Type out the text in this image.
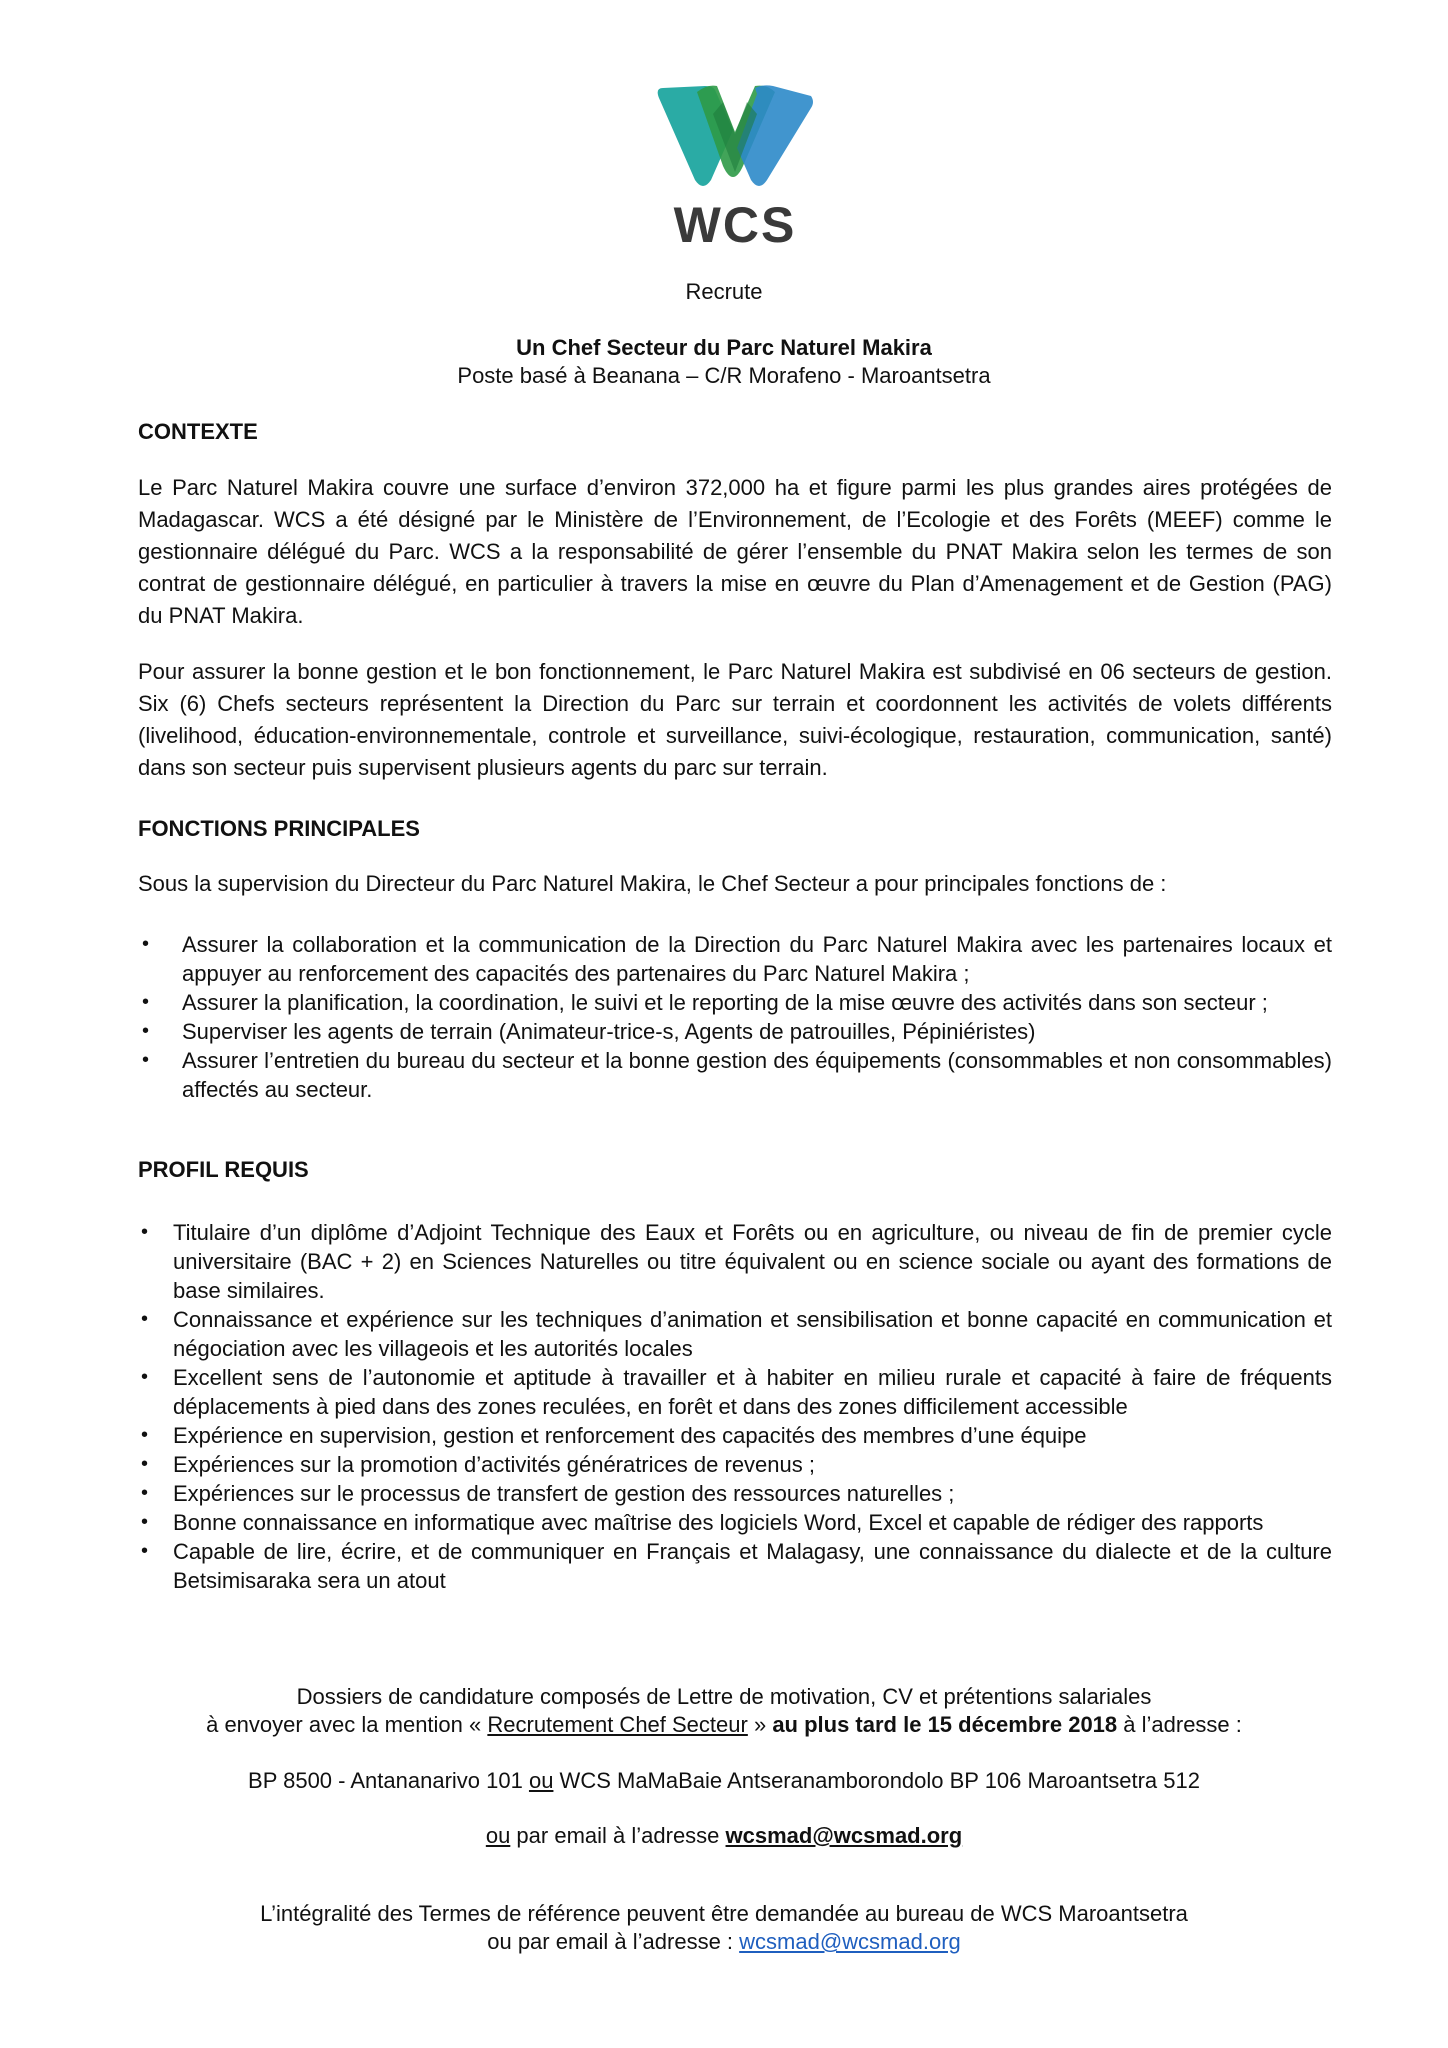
WCS
Recrute
Un Chef Secteur du Parc Naturel Makira
Poste basé à Beanana – C/R Morafeno - Maroantsetra
CONTEXTE

Le Parc Naturel Makira couvre une surface d’environ 372,000 ha et figure parmi les plus grandes aires protégées de Madagascar. WCS a été désigné par le Ministère de l’Environnement, de l’Ecologie et des Forêts (MEEF) comme le gestionnaire délégué du Parc. WCS a la responsabilité de gérer l’ensemble du PNAT Makira selon les termes de son contrat de gestionnaire délégué, en particulier à travers la mise en œuvre du Plan d’Amenagement et de Gestion (PAG) du PNAT Makira.

Pour assurer la bonne gestion et le bon fonctionnement, le Parc Naturel Makira est subdivisé en 06 secteurs de gestion. Six (6) Chefs secteurs représentent la Direction du Parc sur terrain et coordonnent les activités de volets différents (livelihood, éducation-environnementale, controle et surveillance, suivi-écologique, restauration, communication, santé) dans son secteur puis supervisent plusieurs agents du parc sur terrain.

FONCTIONS PRINCIPALES

Sous la supervision du Directeur du Parc Naturel Makira, le Chef Secteur a pour principales fonctions de :

• Assurer la collaboration et la communication de la Direction du Parc Naturel Makira avec les partenaires locaux et appuyer au renforcement des capacités des partenaires du Parc Naturel Makira ;
• Assurer la planification, la coordination, le suivi et le reporting de la mise œuvre des activités dans son secteur ;
• Superviser les agents de terrain (Animateur-trice-s, Agents de patrouilles, Pépiniéristes)
• Assurer l’entretien du bureau du secteur et la bonne gestion des équipements (consommables et non consommables) affectés au secteur.
PROFIL REQUIS
• Titulaire d’un diplôme d’Adjoint Technique des Eaux et Forêts ou en agriculture, ou niveau de fin de premier cycle universitaire (BAC + 2) en Sciences Naturelles ou titre équivalent ou en science sociale ou ayant des formations de base similaires.
• Connaissance et expérience sur les techniques d’animation et sensibilisation et bonne capacité en communication et négociation avec les villageois et les autorités locales
• Excellent sens de l’autonomie et aptitude à travailler et à habiter en milieu rurale et capacité à faire de fréquents déplacements à pied dans des zones reculées, en forêt et dans des zones difficilement accessible
• Expérience en supervision, gestion et renforcement des capacités des membres d’une équipe
• Expériences sur la promotion d’activités génératrices de revenus ;
• Expériences sur le processus de transfert de gestion des ressources naturelles ;
• Bonne connaissance en informatique avec maîtrise des logiciels Word, Excel et capable de rédiger des rapports
• Capable de lire, écrire, et de communiquer en Français et Malagasy, une connaissance du dialecte et de la culture Betsimisaraka sera un atout
Dossiers de candidature composés de Lettre de motivation, CV et prétentions salariales
à envoyer avec la mention « Recrutement Chef Secteur » au plus tard le 15 décembre 2018 à l’adresse :
BP 8500 - Antananarivo 101 ou WCS MaMaBaie Antseranamborondolo BP 106 Maroantsetra 512
ou par email à l’adresse wcsmad@wcsmad.org
L’intégralité des Termes de référence peuvent être demandée au bureau de WCS Maroantsetra
ou par email à l’adresse : wcsmad@wcsmad.org
